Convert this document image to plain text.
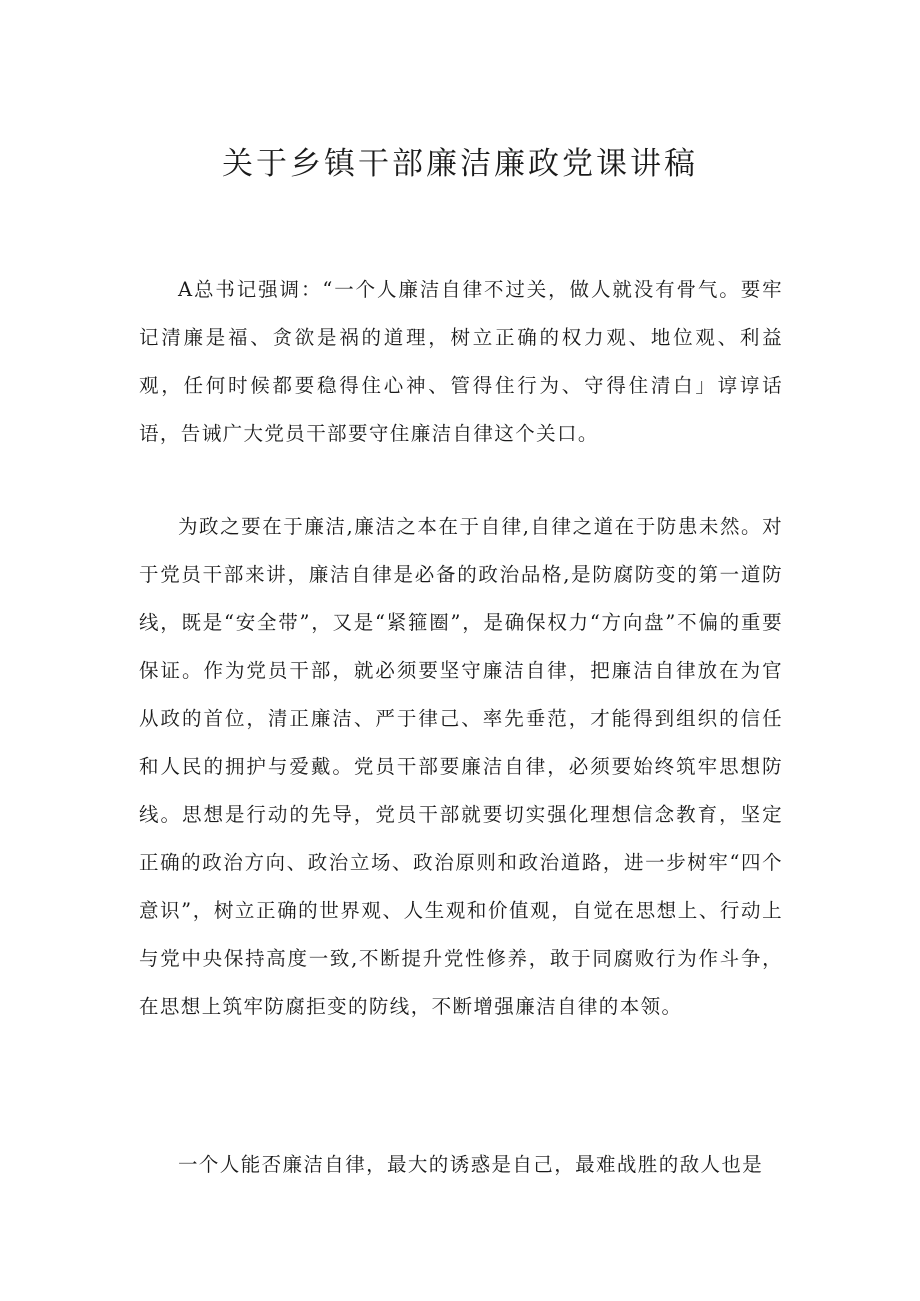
关于乡镇干部廉洁廉政党课讲稿

A总书记强调：“一个人廉洁自律不过关，做人就没有骨气。要牢记清廉是福、贪欲是祸的道理，树立正确的权力观、地位观、利益观，任何时候都要稳得住心神、管得住行为、守得住清白」谆谆话语，告诫广大党员干部要守住廉洁自律这个关口。

为政之要在于廉洁,廉洁之本在于自律,自律之道在于防患未然。对于党员干部来讲，廉洁自律是必备的政治品格,是防腐防变的第一道防线，既是“安全带”，又是“紧箍圈”，是确保权力“方向盘”不偏的重要保证。作为党员干部，就必须要坚守廉洁自律，把廉洁自律放在为官从政的首位，清正廉洁、严于律己、率先垂范，才能得到组织的信任和人民的拥护与爱戴。党员干部要廉洁自律，必须要始终筑牢思想防线。思想是行动的先导，党员干部就要切实强化理想信念教育，坚定正确的政治方向、政治立场、政治原则和政治道路，进一步树牢“四个意识”，树立正确的世界观、人生观和价值观，自觉在思想上、行动上与党中央保持高度一致,不断提升党性修养，敢于同腐败行为作斗争，在思想上筑牢防腐拒变的防线，不断增强廉洁自律的本领。

一个人能否廉洁自律，最大的诱惑是自己，最难战胜的敌人也是
